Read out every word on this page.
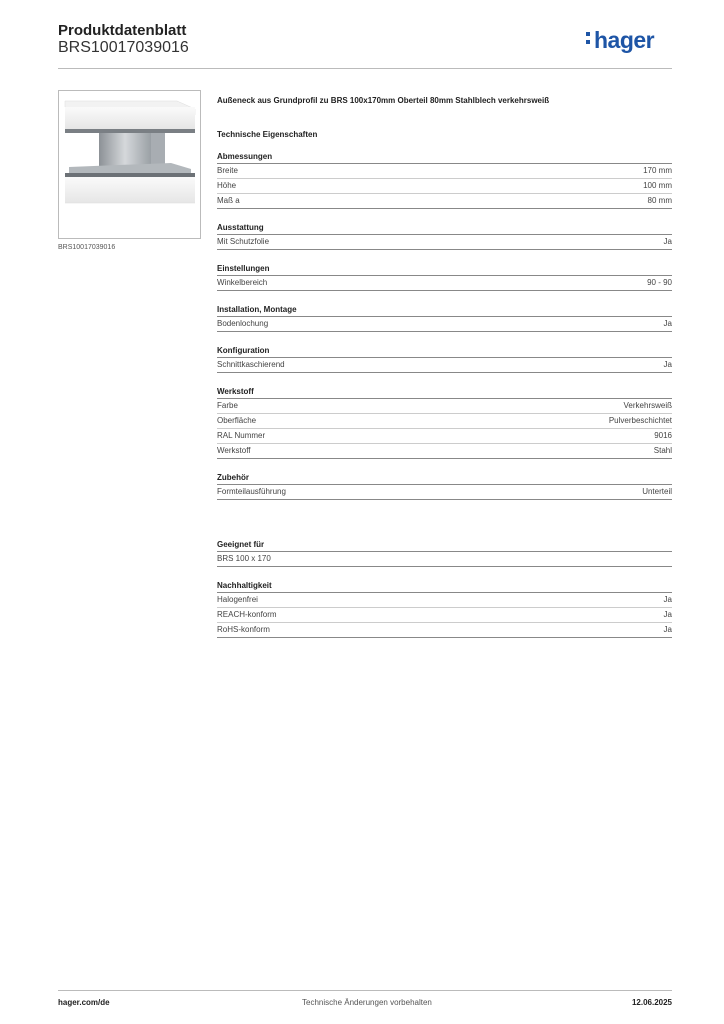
Produktdatenblatt
BRS10017039016	hager
BRS10017039016
Außeneck aus Grundprofil zu BRS 100x170mm Oberteil 80mm Stahlblech verkehrsweiß
Technische Eigenschaften
Abmessungen
Breite	170 mm
Höhe	100 mm
Maß a	80 mm
Ausstattung
Mit Schutzfolie	Ja
Einstellungen
Winkelbereich	90 - 90
Installation, Montage
Bodenlochung	Ja
Konfiguration
Schnittkaschierend	Ja
Werkstoff
Farbe	Verkehrsweiß
Oberfläche	Pulverbeschichtet
RAL Nummer	9016
Werkstoff	Stahl
Zubehör
Formteilausführung	Unterteil
Geeignet für
BRS 100 x 170
Nachhaltigkeit
Halogenfrei	Ja
REACH-konform	Ja
RoHS-konform	Ja
hager.com/de	Technische Änderungen vorbehalten	12.06.2025
